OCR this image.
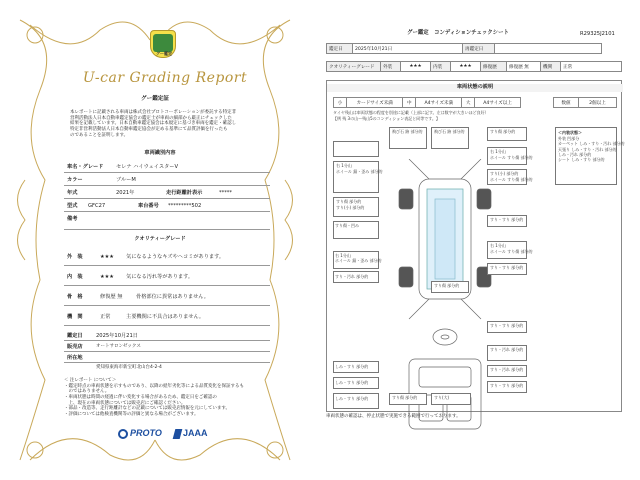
グー鑑定
U-car Grading Report
グー鑑定証
本レポートに記載される車両は株式会社プロトコーポレーションが委託する特定非
営利活動法人日本自動車鑑定協会の鑑定士が車両の細部から厳正にチェックした
結果を記載しています。日本自動車鑑定協会は本規定に基づき車両を鑑定・確認し
特定非営利活動法人日本自動車鑑定協会が定める基準にて品質評価を行ったも
のであることを証明します。
車両識別内容
車名・グレード セレナ ハイウェイスターV
カラー	ブルーM
年式	2021年	走行距離計表示	*****
型式 GFC27	車台番号 *********502
備考
クオリティーグレード
外　装	★★★ 気になるようなキズやヘコミがあります。
内　装	★★★ 気になる汚れ等があります。
骨　格	修復歴 無	骨格部位に異常はありません。
機　関	正常	主要機関に不具合はありません。
鑑定日	2025年10月21日
販売店	オートサロンゼックス
所在地
愛知県東海市新宝町北山台4-2-4
＜ 注レポート について＞
・鑑定時点の車両状態を示すものであり、以降の経年劣化等による品質変化を保証するも
　のではありません。
・車両状態は時間の経過に伴い変化する場合があるため、鑑定日をご確認の
　上、現在の車両状態については販売店にご確認ください。
・部品・改造等、走行距離計などの記載については販売店情報を元にしています。
・評価については他検査機関等の評価と異なる場合がございます。
PROTO JAAA
グー鑑定　コンディションチェックシート	R29325J2101
鑑定日	2025年10月21日	再鑑定日	
クオリティーグレード	外装	★★★	内装	★★★	修復歴	修復歴 無	機関	正常
車両状態の説明
小	カードサイズ未満	中	A4サイズ未満	大	A4サイズ以上	数値	2個以上
タイヤ残山は車両状態の程度を別途に記載（上部に記す。左は数字が大きいほど良好）
【例 残 3の山〜残山5のコンディション表記と同等です。】
すり傷・凹み
右 1分山
ホイール 錆・歪み 部分的
すり・汚れ 部分的
しみ・すり 部分的
しみ・すり 部分的
しみ・すり 部分的
右 1分山
ホイール 錆・歪み 部分的
すり傷 部分的
すり(小) 部分的
飛び石 跡 部分的	飛び石 跡 部分的
すり傷 部分的
すり傷 部分的
右 1分山
ホイール すり傷 部分的
すり(小) 部分的
ホイール すり傷 部分的
すり・すり 部分的
右 1分山
ホイール すり傷 部分的
すり・すり 部分的
すり・すり 部分的
すり・汚れ 部分的
すり・汚れ 部分的
すり・すり 部分的
すり(大)
すり傷 部分的
＜内装状態＞
外装 凹部分
カーペット しみ・すり・汚れ 部分的
天張り しみ・すり・汚れ 部分的
しみ・汚れ 部分的
シート しみ・すり 部分的
車両状態の確認は、停止状態で実施できる範囲で行っております。
